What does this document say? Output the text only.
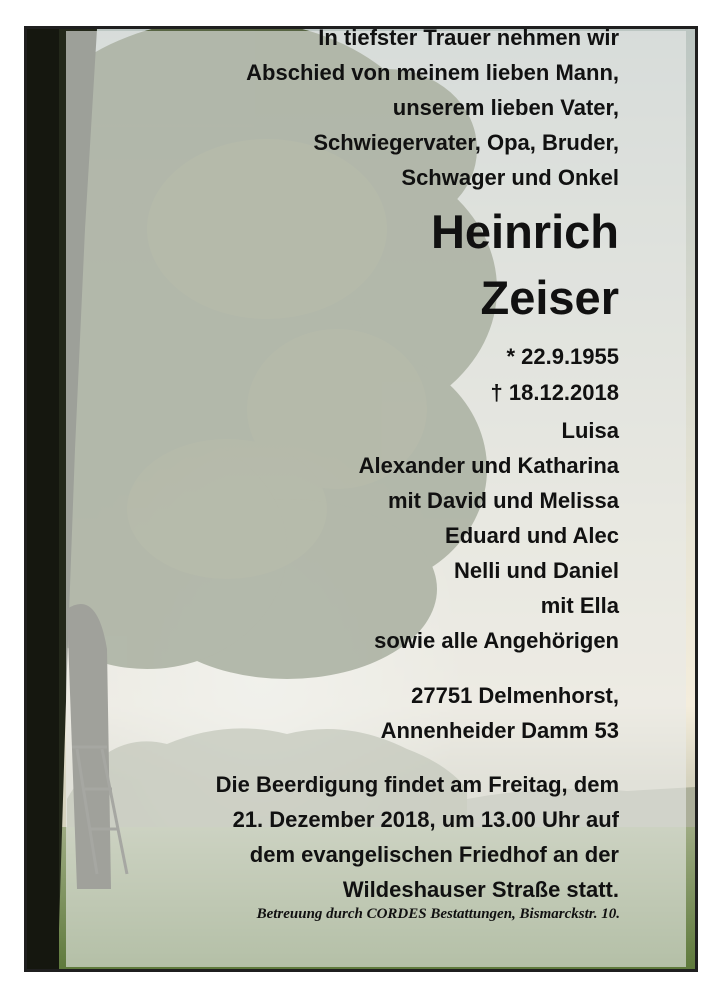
In tiefster Trauer nehmen wir
Abschied von meinem lieben Mann,
unserem lieben Vater,
Schwiegervater, Opa, Bruder,
Schwager und Onkel
Heinrich
Zeiser
* 22.9.1955
† 18.12.2018
Luisa
Alexander und Katharina
mit David und Melissa
Eduard und Alec
Nelli und Daniel
mit Ella
sowie alle Angehörigen
27751 Delmenhorst,
Annenheider Damm 53
Die Beerdigung findet am Freitag, dem
21. Dezember 2018, um 13.00 Uhr auf
dem evangelischen Friedhof an der
Wildeshauser Straße statt.
Betreuung durch CORDES Bestattungen, Bismarckstr. 10.
